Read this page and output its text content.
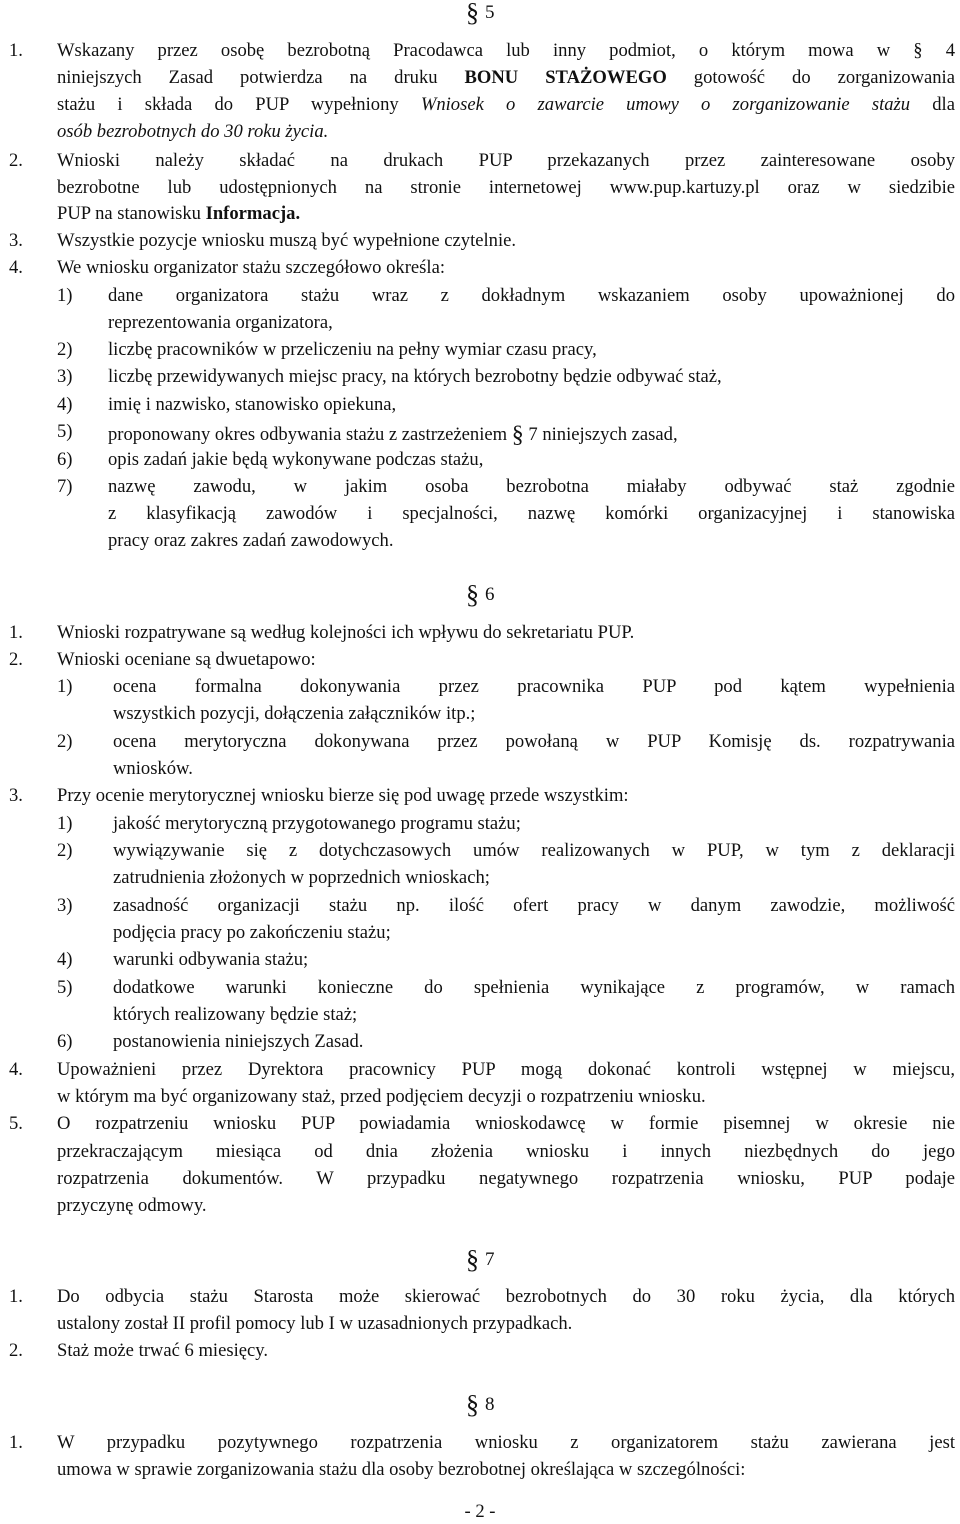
§ 5
1. Wskazany przez osobę bezrobotną Pracodawca lub inny podmiot, o którym mowa w § 4
niniejszych Zasad potwierdza na druku BONU STAŻOWEGO gotowość do zorganizowania
stażu i składa do PUP wypełniony Wniosek o zawarcie umowy o zorganizowanie stażu dla
osób bezrobotnych do 30 roku życia.
2. Wnioski należy składać na drukach PUP przekazanych przez zainteresowane osoby
bezrobotne lub udostępnionych na stronie internetowej www.pup.kartuzy.pl oraz w siedzibie
PUP na stanowisku Informacja.
3. Wszystkie pozycje wniosku muszą być wypełnione czytelnie.
4. We wniosku organizator stażu szczegółowo określa:
1) dane organizatora stażu wraz z dokładnym wskazaniem osoby upoważnionej do
reprezentowania organizatora,
2) liczbę pracowników w przeliczeniu na pełny wymiar czasu pracy,
3) liczbę przewidywanych miejsc pracy, na których bezrobotny będzie odbywać staż,
4) imię i nazwisko, stanowisko opiekuna,
5) proponowany okres odbywania stażu z zastrzeżeniem § 7 niniejszych zasad,
6) opis zadań jakie będą wykonywane podczas stażu,
7) nazwę zawodu, w jakim osoba bezrobotna miałaby odbywać staż zgodnie
z klasyfikacją zawodów i specjalności, nazwę komórki organizacyjnej i stanowiska
pracy oraz zakres zadań zawodowych.
§ 6
1. Wnioski rozpatrywane są według kolejności ich wpływu do sekretariatu PUP.
2. Wnioski oceniane są dwuetapowo:
1) ocena formalna dokonywania przez pracownika PUP pod kątem wypełnienia
wszystkich pozycji, dołączenia załączników itp.;
2) ocena merytoryczna dokonywana przez powołaną w PUP Komisję ds. rozpatrywania
wniosków.
3. Przy ocenie merytorycznej wniosku bierze się pod uwagę przede wszystkim:
1) jakość merytoryczną przygotowanego programu stażu;
2) wywiązywanie się z dotychczasowych umów realizowanych w PUP, w tym z deklaracji
zatrudnienia złożonych w poprzednich wnioskach;
3) zasadność organizacji stażu np. ilość ofert pracy w danym zawodzie, możliwość
podjęcia pracy po zakończeniu stażu;
4) warunki odbywania stażu;
5) dodatkowe warunki konieczne do spełnienia wynikające z programów, w ramach
których realizowany będzie staż;
6) postanowienia niniejszych Zasad.
4. Upoważnieni przez Dyrektora pracownicy PUP mogą dokonać kontroli wstępnej w miejscu,
w którym ma być organizowany staż, przed podjęciem decyzji o rozpatrzeniu wniosku.
5. O rozpatrzeniu wniosku PUP powiadamia wnioskodawcę w formie pisemnej w okresie nie
przekraczającym miesiąca od dnia złożenia wniosku i innych niezbędnych do jego
rozpatrzenia dokumentów. W przypadku negatywnego rozpatrzenia wniosku, PUP podaje
przyczynę odmowy.
§ 7
1. Do odbycia stażu Starosta może skierować bezrobotnych do 30 roku życia, dla których
ustalony został II profil pomocy lub I w uzasadnionych przypadkach.
2. Staż może trwać 6 miesięcy.
§ 8
1. W przypadku pozytywnego rozpatrzenia wniosku z organizatorem stażu zawierana jest
umowa w sprawie zorganizowania stażu dla osoby bezrobotnej określająca w szczególności:
- 2 -
